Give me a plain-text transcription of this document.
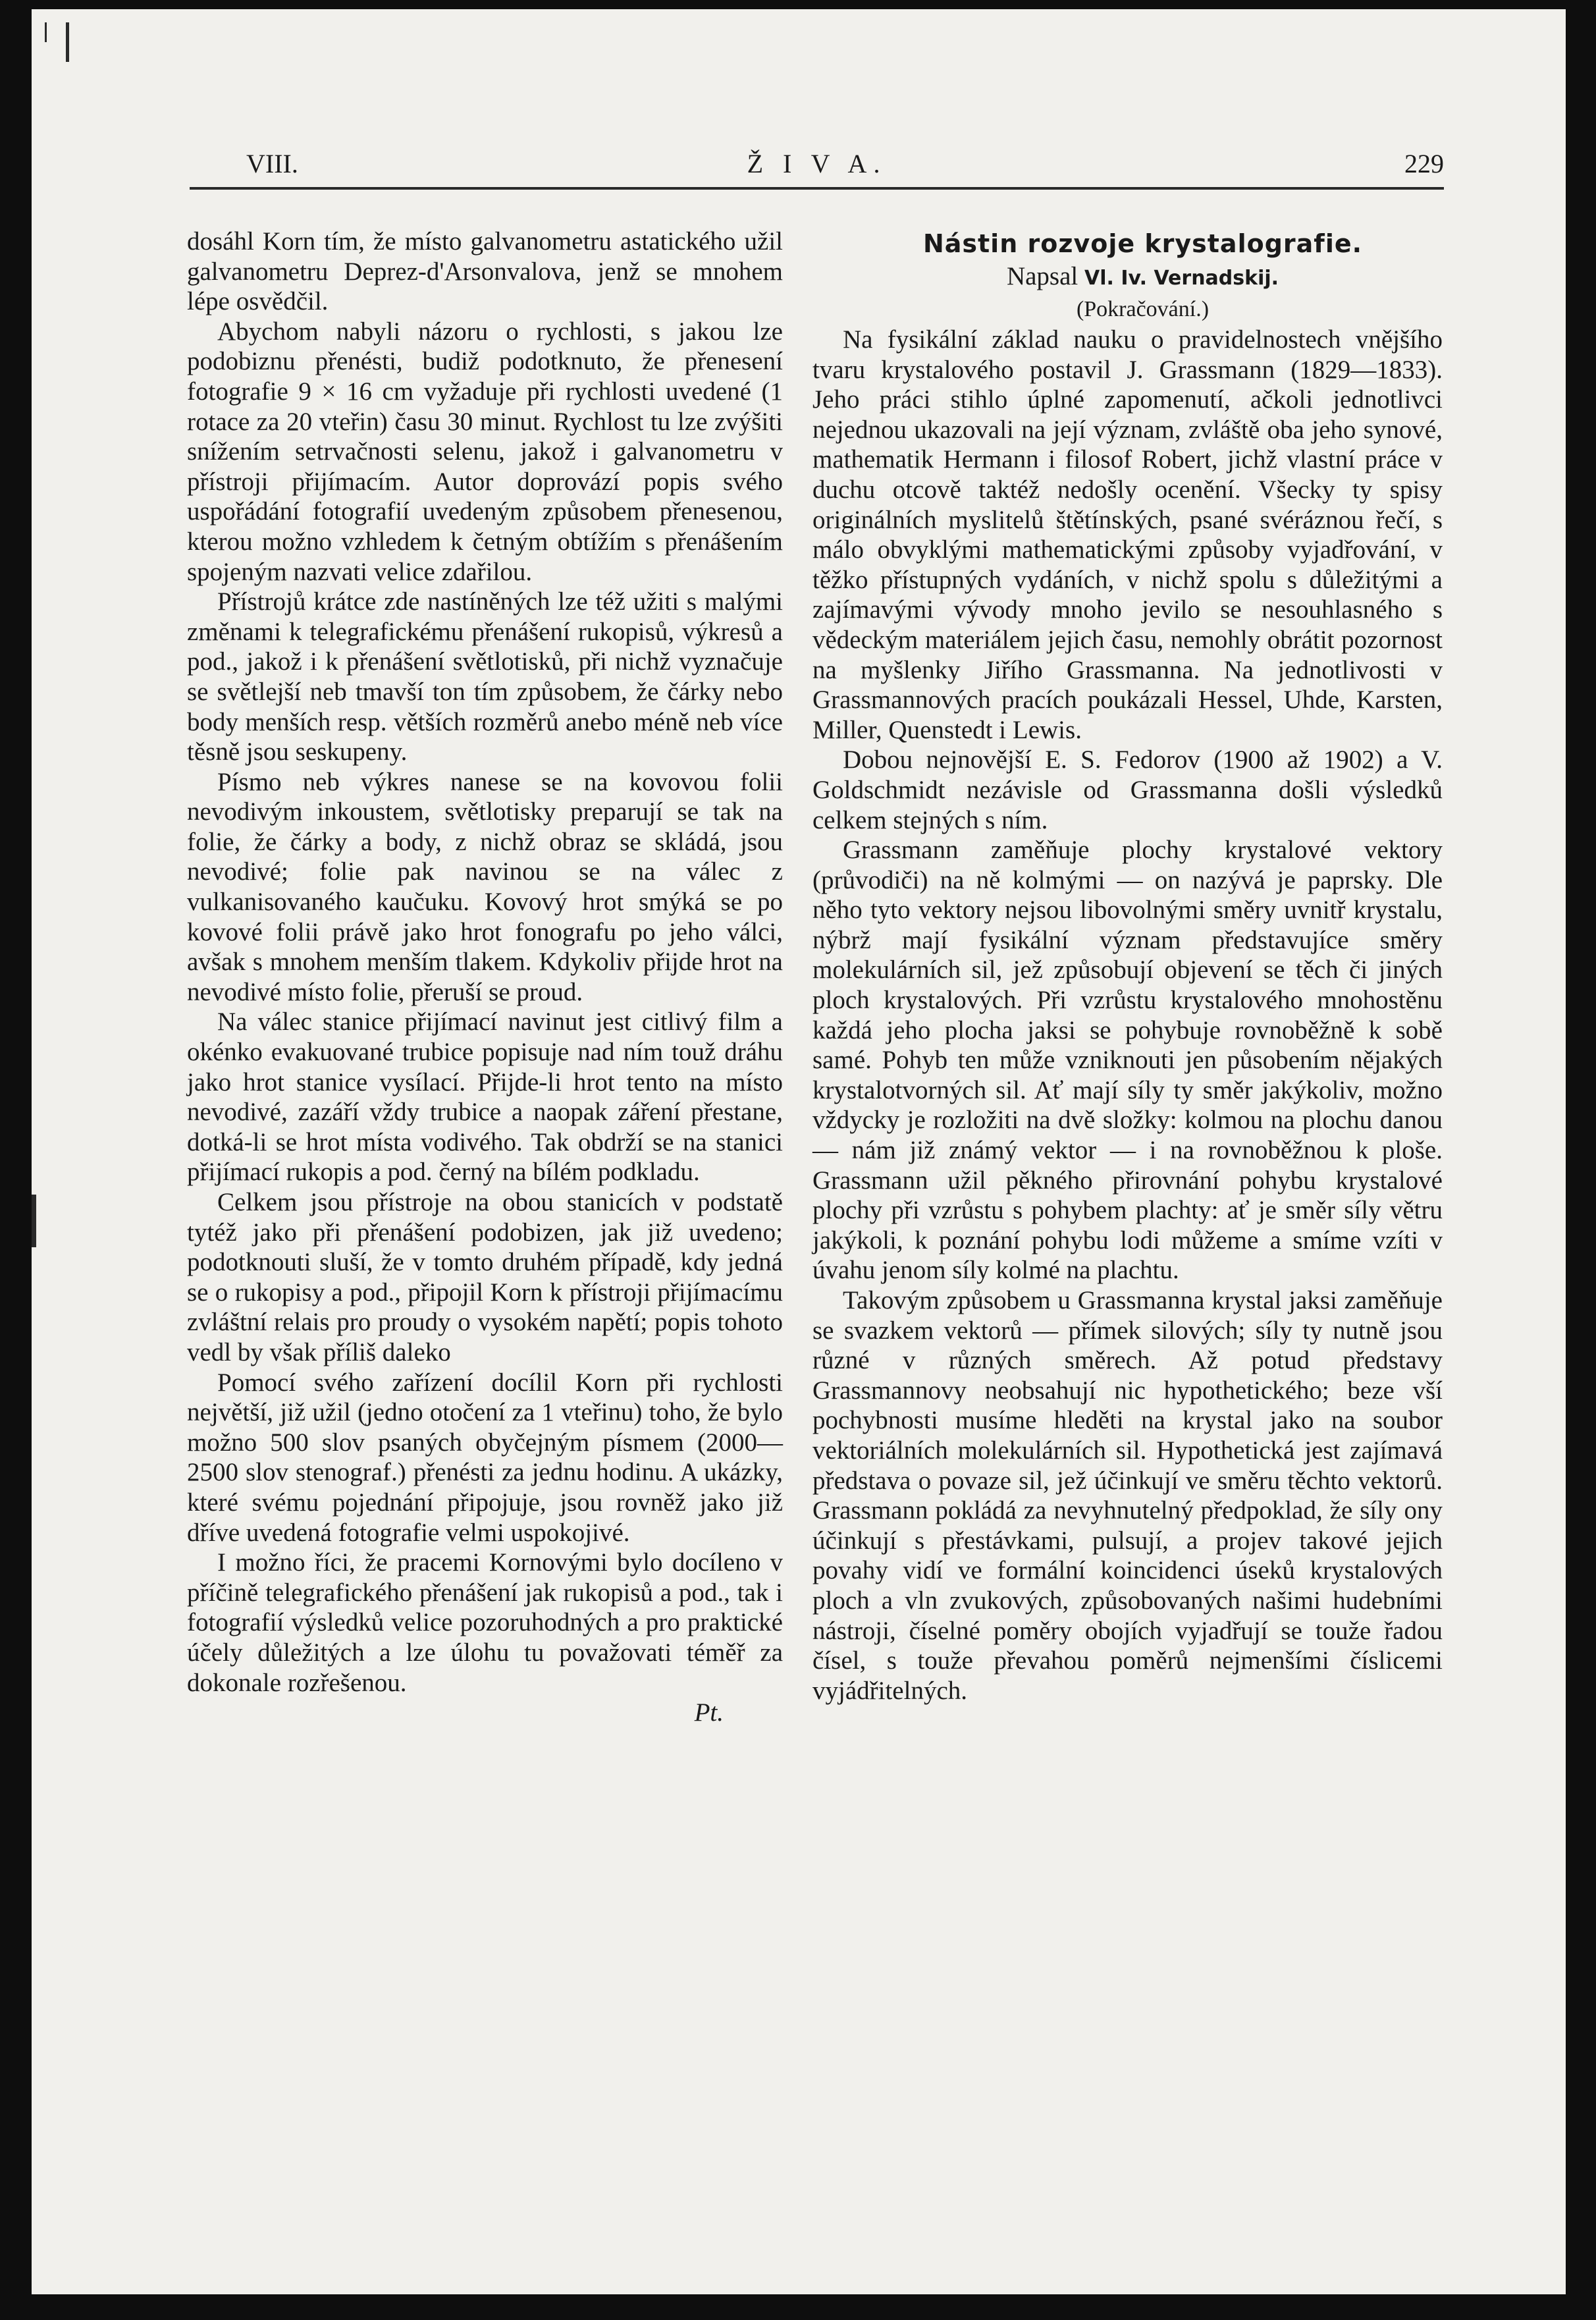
VIII.	Ž I V A.	229

dosáhl Korn tím, že místo galvanometru astatického užil galvanometru Deprez-d'Arsonvalova, jenž se mnohem lépe osvědčil.

Abychom nabyli názoru o rychlosti, s jakou lze podobiznu přenésti, budiž podotknuto, že přenesení fotografie 9 × 16 cm vyžaduje při rychlosti uvedené (1 rotace za 20 vteřin) času 30 minut. Rychlost tu lze zvýšiti snížením setrvačnosti selenu, jakož i galvanometru v přístroji přijímacím. Autor doprovází popis svého uspořádání fotografií uvedeným způsobem přenesenou, kterou možno vzhledem k četným obtížím s přenášením spojeným nazvati velice zdařilou.

Přístrojů krátce zde nastíněných lze též užiti s malými změnami k telegrafickému přenášení rukopisů, výkresů a pod., jakož i k přenášení světlotisků, při nichž vyznačuje se světlejší neb tmavší ton tím způsobem, že čárky nebo body menších resp. větších rozměrů anebo méně neb více těsně jsou seskupeny.

Písmo neb výkres nanese se na kovovou folii nevodivým inkoustem, světlotisky preparují se tak na folie, že čárky a body, z nichž obraz se skládá, jsou nevodivé; folie pak navinou se na válec z vulkanisovaného kaučuku. Kovový hrot smýká se po kovové folii právě jako hrot fonografu po jeho válci, avšak s mnohem menším tlakem. Kdykoliv přijde hrot na nevodivé místo folie, přeruší se proud.

Na válec stanice přijímací navinut jest citlivý film a okénko evakuované trubice popisuje nad ním touž dráhu jako hrot stanice vysílací. Přijde-li hrot tento na místo nevodivé, zazáří vždy trubice a naopak záření přestane, dotká-li se hrot místa vodivého. Tak obdrží se na stanici přijímací rukopis a pod. černý na bílém podkladu.

Celkem jsou přístroje na obou stanicích v podstatě tytéž jako při přenášení podobizen, jak již uvedeno; podotknouti sluší, že v tomto druhém případě, kdy jedná se o rukopisy a pod., připojil Korn k přístroji přijímacímu zvláštní relais pro proudy o vysokém napětí; popis tohoto vedl by však příliš daleko

Pomocí svého zařízení docílil Korn při rychlosti největší, již užil (jedno otočení za 1 vteřinu) toho, že bylo možno 500 slov psaných obyčejným písmem (2000—2500 slov stenograf.) přenésti za jednu hodinu. A ukázky, které svému pojednání připojuje, jsou rovněž jako již dříve uvedená fotografie velmi uspokojivé.

I možno říci, že pracemi Kornovými bylo docíleno v příčině telegrafického přenášení jak rukopisů a pod., tak i fotografií výsledků velice pozoruhodných a pro praktické účely důležitých a lze úlohu tu považovati téměř za dokonale rozřešenou.

Pt.

Nástin rozvoje krystalografie.

Napsal Vl. Iv. Vernadskij.

(Pokračování.)

Na fysikální základ nauku o pravidelnostech vnějšího tvaru krystalového postavil J. Grassmann (1829—1833). Jeho práci stihlo úplné zapomenutí, ačkoli jednotlivci nejednou ukazovali na její význam, zvláště oba jeho synové, mathematik Hermann i filosof Robert, jichž vlastní práce v duchu otcově taktéž nedošly ocenění. Všecky ty spisy originálních myslitelů štětínských, psané svéráznou řečí, s málo obvyklými mathematickými způsoby vyjadřování, v těžko přístupných vydáních, v nichž spolu s důležitými a zajímavými vývody mnoho jevilo se nesouhlasného s vědeckým materiálem jejich času, nemohly obrátit pozornost na myšlenky Jiřího Grassmanna. Na jednotlivosti v Grassmannových pracích poukázali Hessel, Uhde, Karsten, Miller, Quenstedt i Lewis.

Dobou nejnovější E. S. Fedorov (1900 až 1902) a V. Goldschmidt nezávisle od Grassmanna došli výsledků celkem stejných s ním.

Grassmann zaměňuje plochy krystalové vektory (průvodiči) na ně kolmými — on nazývá je paprsky. Dle něho tyto vektory nejsou libovolnými směry uvnitř krystalu, nýbrž mají fysikální význam představujíce směry molekulárních sil, jež způsobují objevení se těch či jiných ploch krystalových. Při vzrůstu krystalového mnohostěnu každá jeho plocha jaksi se pohybuje rovnoběžně k sobě samé. Pohyb ten může vzniknouti jen působením nějakých krystalotvorných sil. Ať mají síly ty směr jakýkoliv, možno vždycky je rozložiti na dvě složky: kolmou na plochu danou — nám již známý vektor — i na rovnoběžnou k ploše. Grassmann užil pěkného přirovnání pohybu krystalové plochy při vzrůstu s pohybem plachty: ať je směr síly větru jakýkoli, k poznání pohybu lodi můžeme a smíme vzíti v úvahu jenom síly kolmé na plachtu.

Takovým způsobem u Grassmanna krystal jaksi zaměňuje se svazkem vektorů — přímek silových; síly ty nutně jsou různé v různých směrech. Až potud představy Grassmannovy neobsahují nic hypothetického; beze vší pochybnosti musíme hleděti na krystal jako na soubor vektoriálních molekulárních sil. Hypothetická jest zajímavá představa o povaze sil, jež účinkují ve směru těchto vektorů. Grassmann pokládá za nevyhnutelný předpoklad, že síly ony účinkují s přestávkami, pulsují, a projev takové jejich povahy vidí ve formální koincidenci úseků krystalových ploch a vln zvukových, způsobovaných našimi hudebními nástroji, číselné poměry obojích vyjadřují se touže řadou čísel, s touže převahou poměrů nejmenšími číslicemi vyjádřitelných.
